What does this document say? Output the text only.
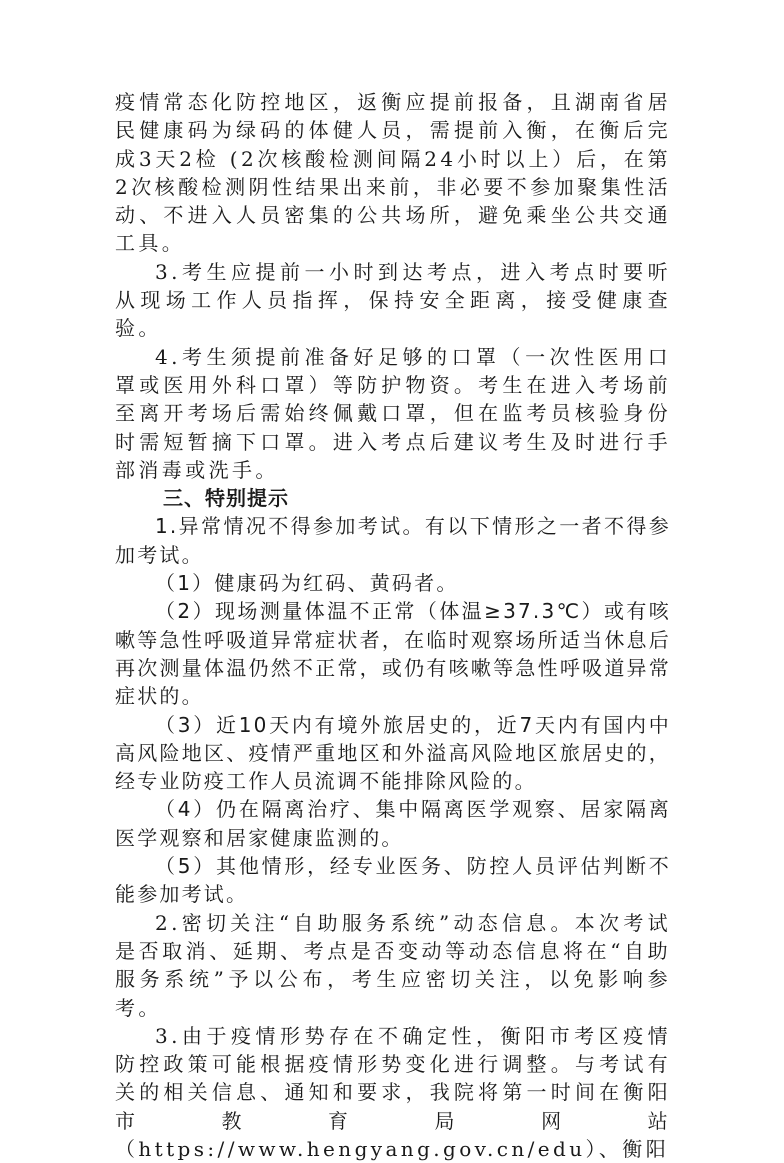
疫情常态化防控地区，返衡应提前报备，且湖南省居民健康码为绿码的体健人员，需提前入衡，在衡后完成3天2检 (2次核酸检测间隔24小时以上）后，在第2次核酸检测阴性结果出来前，非必要不参加聚集性活动、不进入人员密集的公共场所，避免乘坐公共交通工具。

3.考生应提前一小时到达考点，进入考点时要听从现场工作人员指挥，保持安全距离，接受健康查验。

4.考生须提前准备好足够的口罩（一次性医用口罩或医用外科口罩）等防护物资。考生在进入考场前至离开考场后需始终佩戴口罩，但在监考员核验身份时需短暂摘下口罩。进入考点后建议考生及时进行手部消毒或洗手。

三、特别提示

1.异常情况不得参加考试。有以下情形之一者不得参加考试。

（1）健康码为红码、黄码者。

（2）现场测量体温不正常（体温≥37.3℃）或有咳嗽等急性呼吸道异常症状者，在临时观察场所适当休息后再次测量体温仍然不正常，或仍有咳嗽等急性呼吸道异常症状的。

（3）近10天内有境外旅居史的，近7天内有国内中高风险地区、疫情严重地区和外溢高风险地区旅居史的，经专业防疫工作人员流调不能排除风险的。

（4）仍在隔离治疗、集中隔离医学观察、居家隔离医学观察和居家健康监测的。

（5）其他情形，经专业医务、防控人员评估判断不能参加考试。

2.密切关注“自助服务系统”动态信息。本次考试是否取消、延期、考点是否变动等动态信息将在“自助服务系统”予以公布，考生应密切关注，以免影响参考。

3.由于疫情形势存在不确定性，衡阳市考区疫情防控政策可能根据疫情形势变化进行调整。与考试有关的相关信息、通知和要求，我院将第一时间在衡阳市教育局网站（https://www.hengyang.gov.cn/edu）、衡阳
